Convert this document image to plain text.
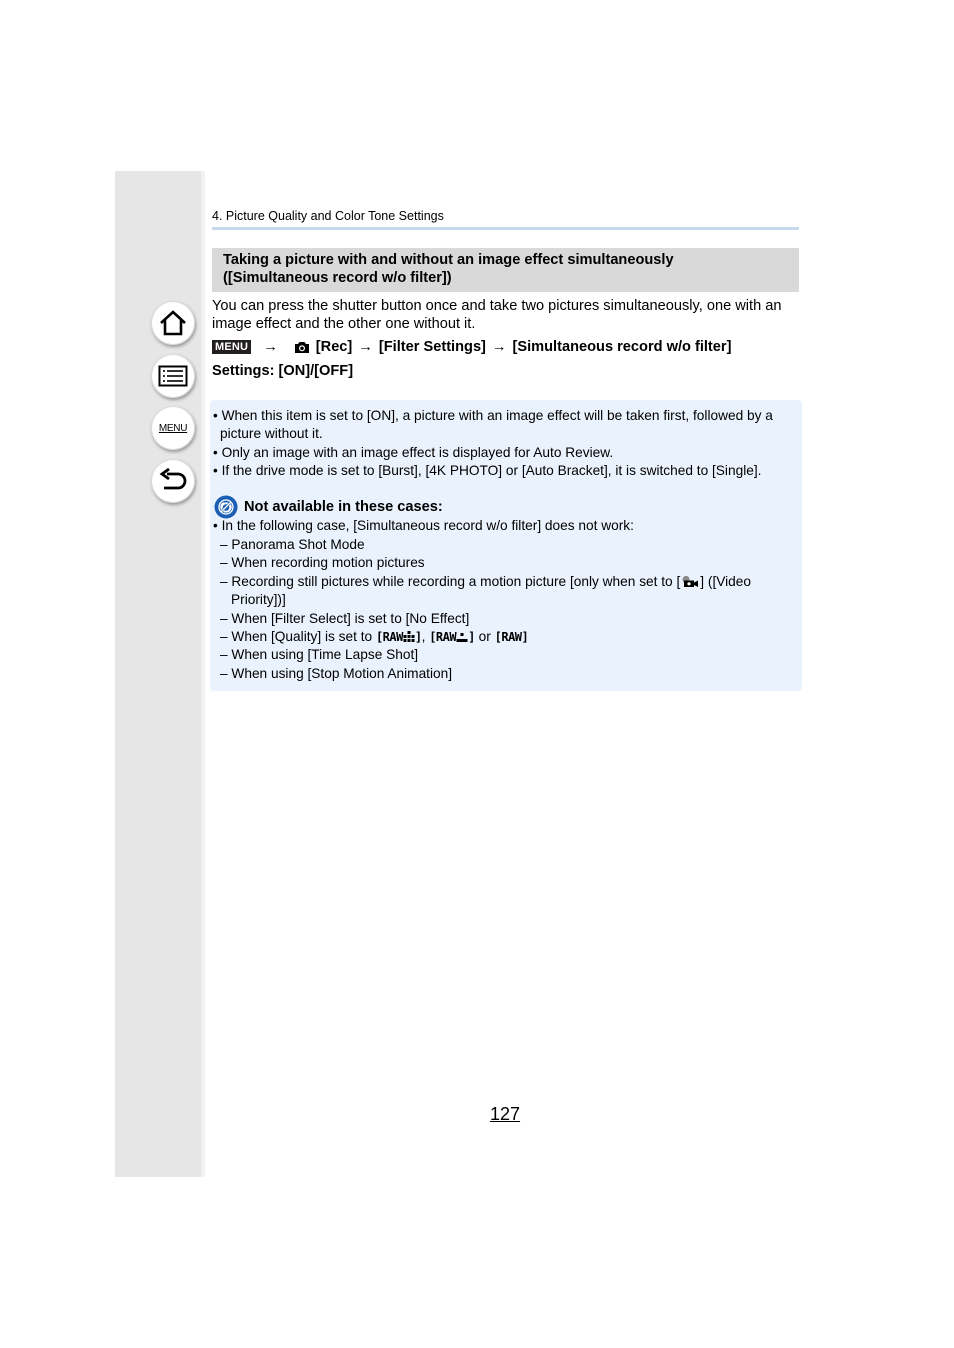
MENU
4. Picture Quality and Color Tone Settings
Taking a picture with and without an image effect simultaneously
([Simultaneous record w/o filter])
You can press the shutter button once and take two pictures simultaneously, one with an image effect and the other one without it.
MENU →	[Rec] → [Filter Settings] → [Simultaneous record w/o filter]
Settings: [ON]/[OFF]
• When this item is set to [ON], a picture with an image effect will be taken first, followed by a picture without it.
• Only an image with an image effect is displayed for Auto Review.
• If the drive mode is set to [Burst], [4K PHOTO] or [Auto Bracket], it is switched to [Single].
Not available in these cases:
• In the following case, [Simultaneous record w/o filter] does not work:
– Panorama Shot Mode
– When recording motion pictures
– Recording still pictures while recording a motion picture [only when set to [ ] ([Video Priority])]
– When [Filter Select] is set to [No Effect]
– When [Quality] is set to [RAW ], [RAW ] or [RAW]
– When using [Time Lapse Shot]
– When using [Stop Motion Animation]
127
